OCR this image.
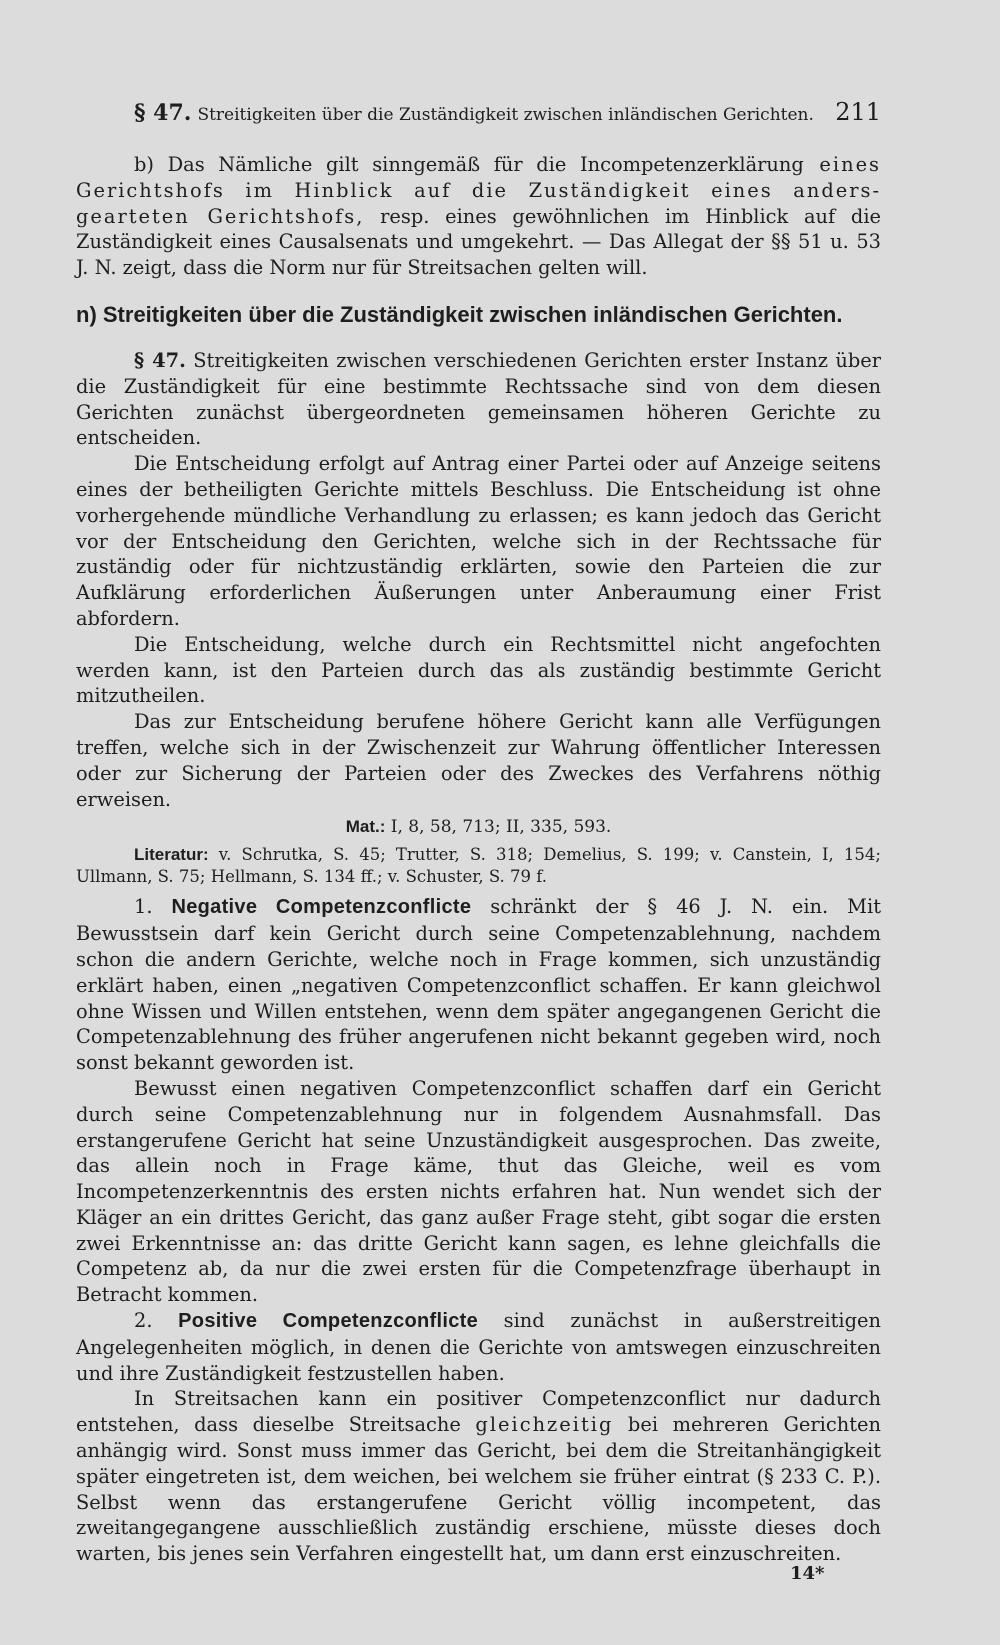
§ 47. Streitigkeiten über die Zuständigkeit zwischen inländischen Gerichten. 211

b) Das Nämliche gilt sinngemäß für die Incompetenzerklärung eines Gerichtshofs im Hinblick auf die Zuständigkeit eines anders- gearteten Gerichtshofs, resp. eines gewöhnlichen im Hinblick auf die Zuständigkeit eines Causalsenats und umgekehrt. — Das Allegat der §§ 51 u. 53 J. N. zeigt, dass die Norm nur für Streitsachen gelten will.

n) Streitigkeiten über die Zuständigkeit zwischen inländischen Gerichten.

§ 47. Streitigkeiten zwischen verschiedenen Gerichten erster Instanz über die Zuständigkeit für eine bestimmte Rechtssache sind von dem diesen Gerichten zunächst übergeordneten gemeinsamen höheren Gerichte zu entscheiden.

Die Entscheidung erfolgt auf Antrag einer Partei oder auf Anzeige seitens eines der betheiligten Gerichte mittels Beschluss. Die Entscheidung ist ohne vorhergehende mündliche Verhandlung zu erlassen; es kann jedoch das Gericht vor der Entscheidung den Gerichten, welche sich in der Rechtssache für zuständig oder für nichtzuständig erklärten, sowie den Parteien die zur Aufklärung erforderlichen Äußerungen unter Anberaumung einer Frist abfordern.

Die Entscheidung, welche durch ein Rechtsmittel nicht angefochten werden kann, ist den Parteien durch das als zuständig bestimmte Gericht mitzutheilen.

Das zur Entscheidung berufene höhere Gericht kann alle Verfügungen treffen, welche sich in der Zwischenzeit zur Wahrung öffentlicher Interessen oder zur Sicherung der Parteien oder des Zweckes des Verfahrens nöthig erweisen.

Mat.: I, 8, 58, 713; II, 335, 593.

Literatur: v. Schrutka, S. 45; Trutter, S. 318; Demelius, S. 199; v. Canstein, I, 154; Ullmann, S. 75; Hellmann, S. 134 ff.; v. Schuster, S. 79 f.

1. Negative Competenzconflicte schränkt der § 46 J. N. ein. Mit Bewusstsein darf kein Gericht durch seine Competenzablehnung, nachdem schon die andern Gerichte, welche noch in Frage kommen, sich unzuständig erklärt haben, einen „negativen Competenzconflict schaffen. Er kann gleichwol ohne Wissen und Willen entstehen, wenn dem später angegangenen Gericht die Competenzablehnung des früher angerufenen nicht bekannt gegeben wird, noch sonst bekannt geworden ist.

Bewusst einen negativen Competenzconflict schaffen darf ein Gericht durch seine Competenzablehnung nur in folgendem Ausnahmsfall. Das erstangerufene Gericht hat seine Unzuständigkeit ausgesprochen. Das zweite, das allein noch in Frage käme, thut das Gleiche, weil es vom Incompetenzerkenntnis des ersten nichts erfahren hat. Nun wendet sich der Kläger an ein drittes Gericht, das ganz außer Frage steht, gibt sogar die ersten zwei Erkenntnisse an: das dritte Gericht kann sagen, es lehne gleichfalls die Competenz ab, da nur die zwei ersten für die Competenzfrage überhaupt in Betracht kommen.

2. Positive Competenzconflicte sind zunächst in außerstreitigen Angelegenheiten möglich, in denen die Gerichte von amtswegen einzuschreiten und ihre Zuständigkeit festzustellen haben.

In Streitsachen kann ein positiver Competenzconflict nur dadurch entstehen, dass dieselbe Streitsache gleichzeitig bei mehreren Gerichten anhängig wird. Sonst muss immer das Gericht, bei dem die Streitanhängigkeit später eingetreten ist, dem weichen, bei welchem sie früher eintrat (§ 233 C. P.). Selbst wenn das erstangerufene Gericht völlig incompetent, das zweitangegangene ausschließlich zuständig erschiene, müsste dieses doch warten, bis jenes sein Verfahren eingestellt hat, um dann erst einzuschreiten.

14*
